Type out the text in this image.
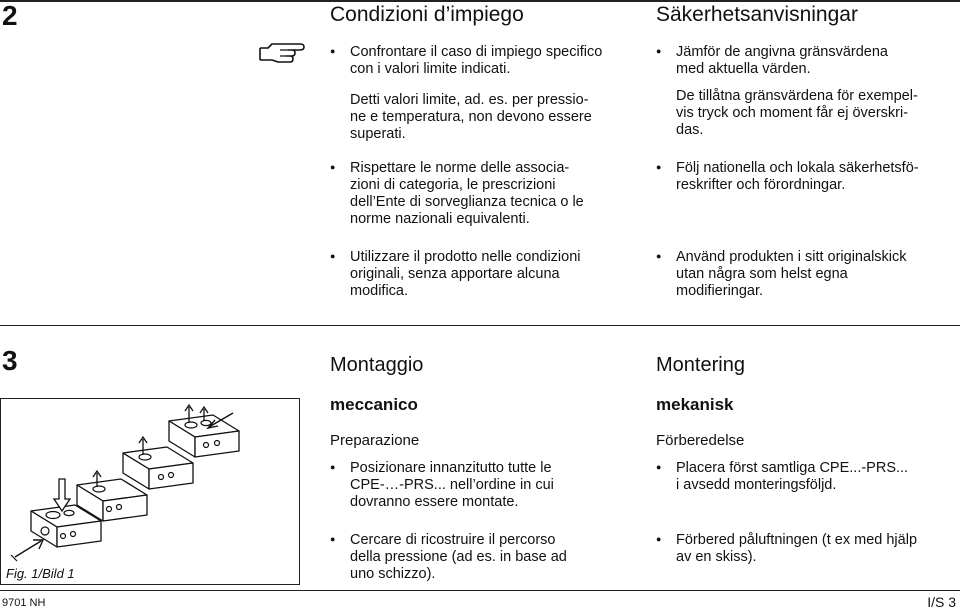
2	Condizioni d’impiego	Säkerhetsanvisningar
●
Confrontare il caso di impiego specifico
con i valori limite indicati.
Detti valori limite, ad. es. per pressio-
ne e temperatura, non devono essere
superati.
●
Rispettare le norme delle associa-
zioni di categoria, le prescrizioni
dell’Ente di sorveglianza tecnica o le
norme nazionali equivalenti.
●
Utilizzare il prodotto nelle condizioni
originali, senza apportare alcuna
modifica.
●
Jämför de angivna gränsvärdena
med aktuella värden.
De tillåtna gränsvärdena för exempel-
vis tryck och moment får ej överskri-
das.
●
Följ nationella och lokala säkerhetsfö-
reskrifter och förordningar.
●
Använd produkten i sitt originalskick
utan några som helst egna
modifieringar.
3	Montaggio	Montering
meccanico	mekanisk
Preparazione	Förberedelse
●
Posizionare innanzitutto tutte le
CPE-…-PRS... nell’ordine in cui
dovranno essere montate.
●
Cercare di ricostruire il percorso
della pressione (ad es. in base ad
uno schizzo).
●
Placera först samtliga CPE...-PRS...
i avsedd monteringsföljd.
●
Förbered påluftningen (t ex med hjälp
av en skiss).
Fig. 1/Bild 1
9701 NH	I/S 3
